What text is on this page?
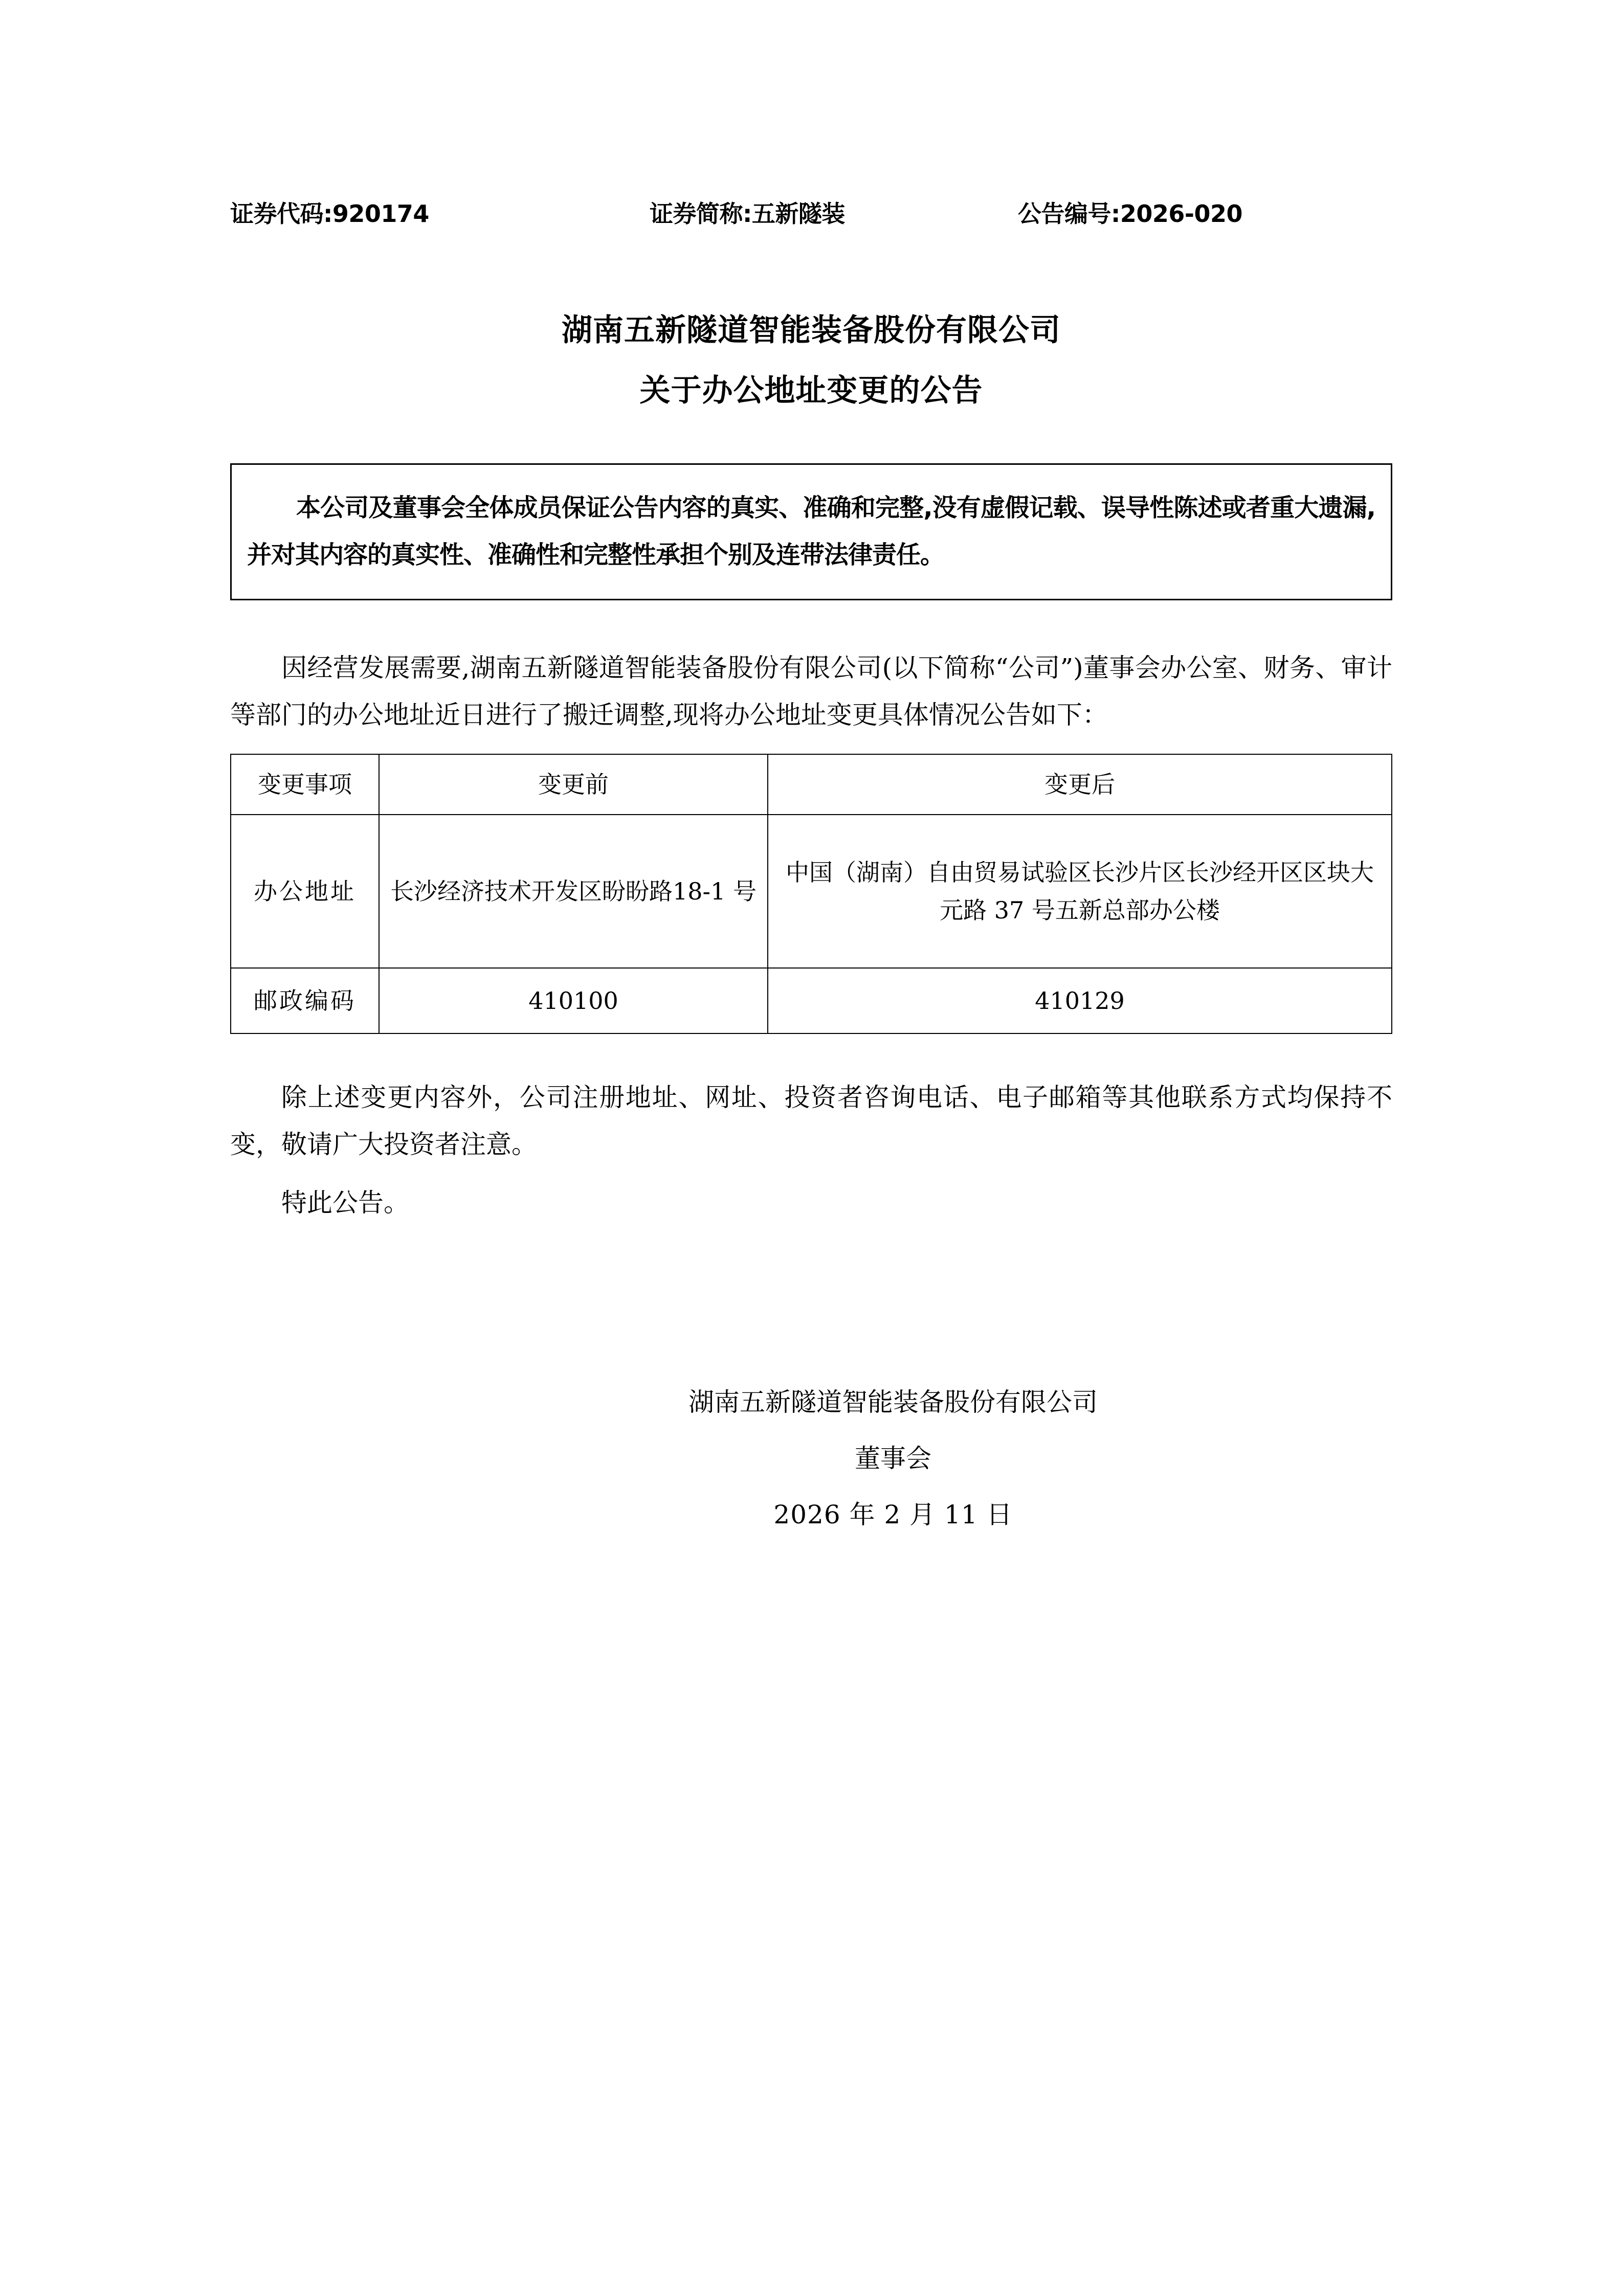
证券代码:920174	证券简称:五新隧装	公告编号:2026-020
湖南五新隧道智能装备股份有限公司
关于办公地址变更的公告

本公司及董事会全体成员保证公告内容的真实、准确和完整,没有虚假记载、误导性陈述或者重大遗漏,并对其内容的真实性、准确性和完整性承担个别及连带法律责任。

因经营发展需要,湖南五新隧道智能装备股份有限公司(以下简称“公司”)董事会办公室、财务、审计等部门的办公地址近日进行了搬迁调整,现将办公地址变更具体情况公告如下：

变更事项	变更前	变更后
办公地址	长沙经济技术开发区盼盼路18-1 号	中国（湖南）自由贸易试验区长沙片区长沙经开区区块大元路 37 号五新总部办公楼
邮政编码	410100	410129

除上述变更内容外，公司注册地址、网址、投资者咨询电话、电子邮箱等其他联系方式均保持不变，敬请广大投资者注意。

特此公告。

湖南五新隧道智能装备股份有限公司
董事会
2026 年 2 月 11 日
